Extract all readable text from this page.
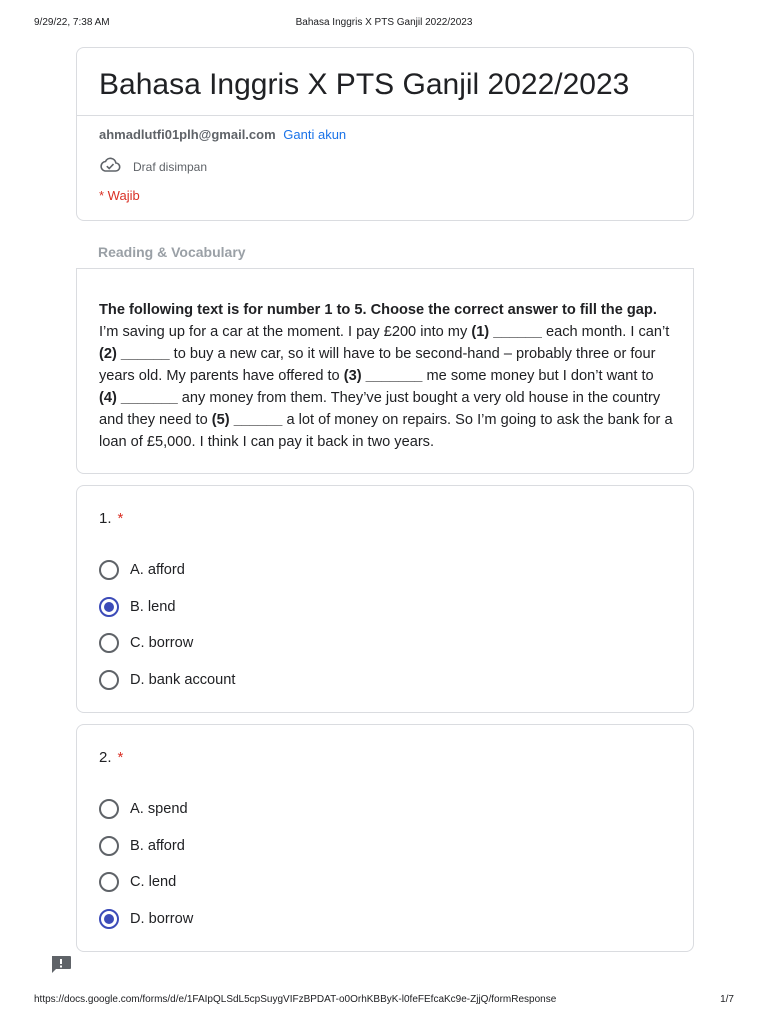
9/29/22, 7:38 AM	Bahasa Inggris X PTS Ganjil 2022/2023
Bahasa Inggris X PTS Ganjil 2022/2023
ahmadlutfi01plh@gmail.com Ganti akun
Draf disimpan
* Wajib
Reading & Vocabulary

The following text is for number 1 to 5. Choose the correct answer to fill the gap. I’m saving up for a car at the moment. I pay £200 into my (1) ______ each month. I can’t (2) ______ to buy a new car, so it will have to be second-hand – probably three or four years old. My parents have offered to (3) _______ me some money but I don’t want to (4) _______ any money from them. They’ve just bought a very old house in the country and they need to (5) ______ a lot of money on repairs. So I’m going to ask the bank for a loan of £5,000. I think I can pay it back in two years.

1. *
A. afford
B. lend
C. borrow
D. bank account
2. *
A. spend
B. afford
C. lend
D. borrow
https://docs.google.com/forms/d/e/1FAIpQLSdL5cpSuygVIFzBPDAT-o0OrhKBByK-l0feFEfcaKc9e-ZjjQ/formResponse	1/7
